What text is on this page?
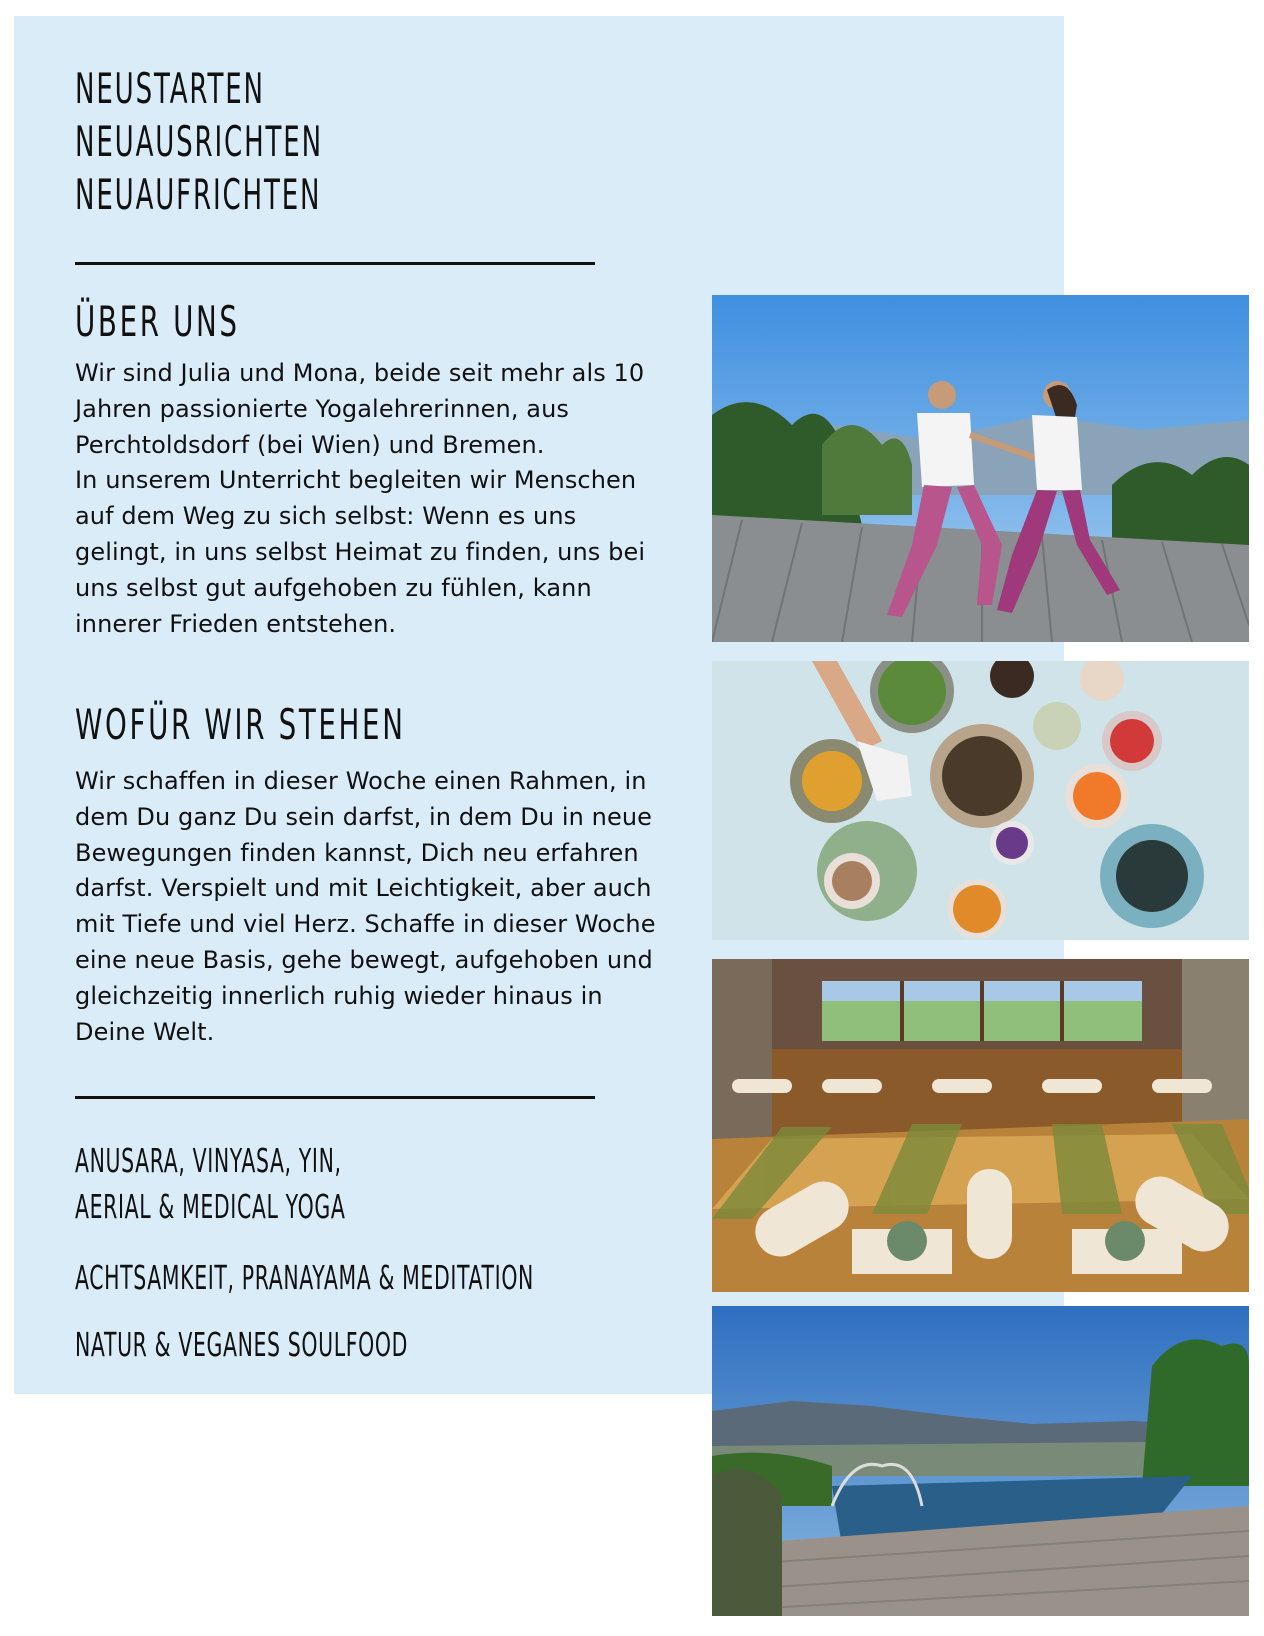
NEUSTARTEN
NEUAUSRICHTEN
NEUAUFRICHTEN
ÜBER UNS

Wir sind Julia und Mona, beide seit mehr als 10 Jahren passionierte Yogalehrerinnen, aus Perchtoldsdorf (bei Wien) und Bremen.

In unserem Unterricht begleiten wir Menschen auf dem Weg zu sich selbst: Wenn es uns gelingt, in uns selbst Heimat zu finden, uns bei uns selbst gut aufgehoben zu fühlen, kann innerer Frieden entstehen.

WOFÜR WIR STEHEN

Wir schaffen in dieser Woche einen Rahmen, in dem Du ganz Du sein darfst, in dem Du in neue Bewegungen finden kannst, Dich neu erfahren darfst. Verspielt und mit Leichtigkeit, aber auch mit Tiefe und viel Herz. Schaffe in dieser Woche eine neue Basis, gehe bewegt, aufgehoben und gleichzeitig innerlich ruhig wieder hinaus in Deine Welt.

ANUSARA, VINYASA, YIN,
AERIAL & MEDICAL YOGA
ACHTSAMKEIT, PRANAYAMA & MEDITATION
NATUR & VEGANES SOULFOOD
